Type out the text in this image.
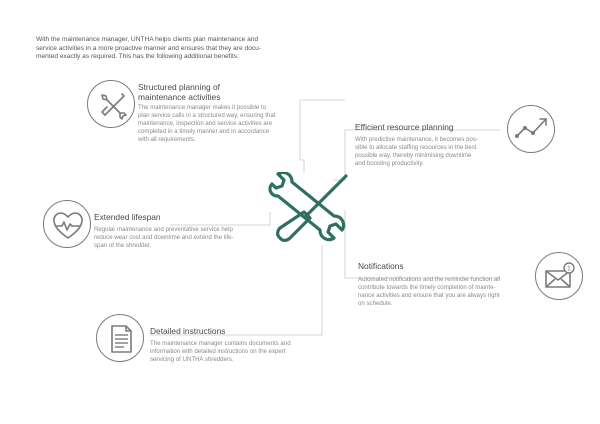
With the maintenance manager, UNTHA helps clients plan maintenance and
service activities in a more proactive manner and ensures that they are docu-
mented exactly as required. This has the following additional benefits:
Structured planning of
maintenance activities
The maintenance manager makes it possible to
plan service calls in a structured way, ensuring that
maintenance, inspection and service activities are
completed in a timely manner and in accordance
with all requirements.
Efficient resource planning
With predictive maintenance, it becomes pos-
sible to allocate staffing resources in the best
possible way, thereby minimising downtime
and boosting productivity.
Extended lifespan
Regular maintenance and preventative service help
reduce wear cost and downtime and extend the life-
span of the shredder.
1
Notifications
Automated notifications and the reminder function all
contribute towards the timely completion of mainte-
nance activities and ensure that you are always right
on schedule.
Detailed instructions
The maintenance manager contains documents and
information with detailed instructions on the expert
servicing of UNTHA shredders.
